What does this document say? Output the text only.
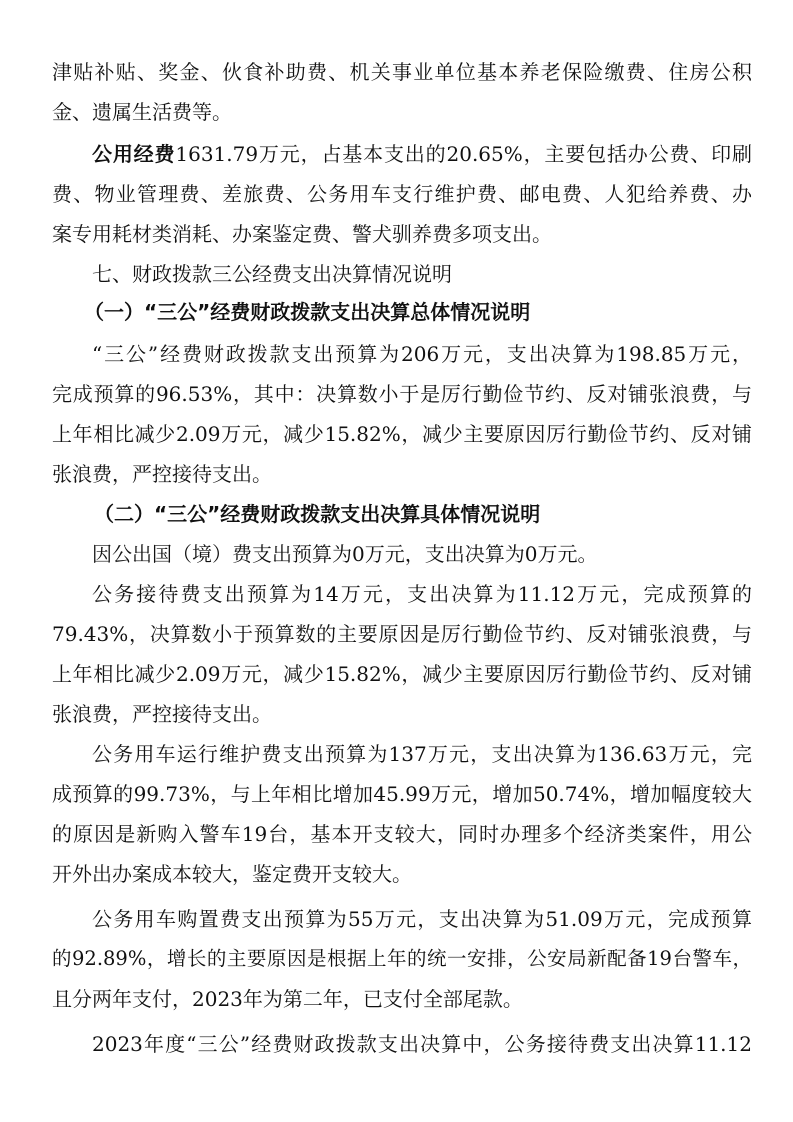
津贴补贴、奖金、伙食补助费、机关事业单位基本养老保险缴费、住房公积
金、遗属生活费等。
公用经费1631.79万元，占基本支出的20.65%，主要包括办公费、印刷
费、物业管理费、差旅费、公务用车支行维护费、邮电费、人犯给养费、办
案专用耗材类消耗、办案鉴定费、警犬驯养费多项支出。
七、财政拨款三公经费支出决算情况说明
（一）“三公”经费财政拨款支出决算总体情况说明
“三公”经费财政拨款支出预算为206万元，支出决算为198.85万元，
完成预算的96.53%，其中：决算数小于是厉行勤俭节约、反对铺张浪费，与
上年相比减少2.09万元，减少15.82%，减少主要原因厉行勤俭节约、反对铺
张浪费，严控接待支出。
（二）“三公”经费财政拨款支出决算具体情况说明
因公出国（境）费支出预算为0万元，支出决算为0万元。
公务接待费支出预算为14万元，支出决算为11.12万元，完成预算的
79.43%，决算数小于预算数的主要原因是厉行勤俭节约、反对铺张浪费，与
上年相比减少2.09万元，减少15.82%，减少主要原因厉行勤俭节约、反对铺
张浪费，严控接待支出。
公务用车运行维护费支出预算为137万元，支出决算为136.63万元，完
成预算的99.73%，与上年相比增加45.99万元，增加50.74%，增加幅度较大
的原因是新购入警车19台，基本开支较大，同时办理多个经济类案件，用公
开外出办案成本较大，鉴定费开支较大。
公务用车购置费支出预算为55万元，支出决算为51.09万元，完成预算
的92.89%，增长的主要原因是根据上年的统一安排，公安局新配备19台警车，
且分两年支付，2023年为第二年，已支付全部尾款。
2023年度“三公”经费财政拨款支出决算中，公务接待费支出决算11.12
